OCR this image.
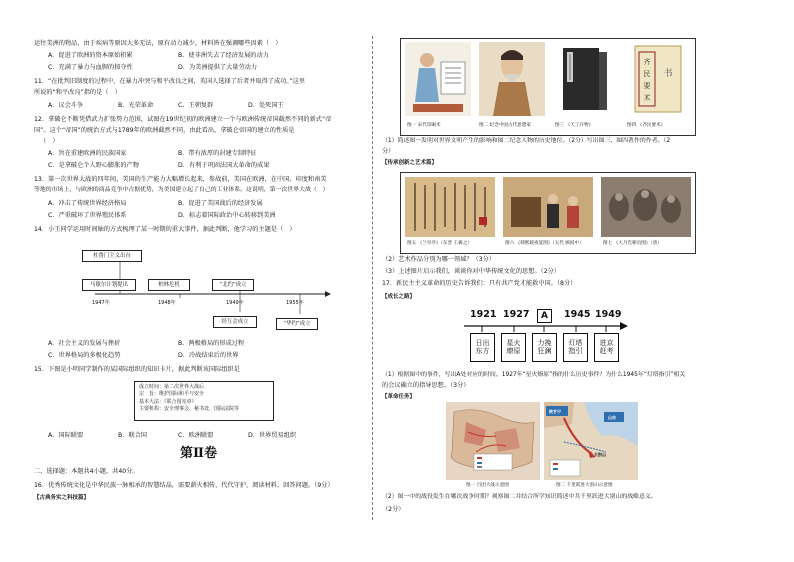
运往美洲的物品，由于疾病等原因大多无法，原有动力减少，材料皆在强调哪些因素（　）
A．促进了欧洲的资本原始积累	B．使非洲失去了经济发展的动力
C．充满了暴力与血腥的掠夺性	D．为美洲提供了大量劳动力
11．“在批判旧制度的过程中，在暴力冲突与和平改良之间，英国人选择了后者并取得了成功。”这里
所说的“和平改良”指的是（　）
A．议会斗争	B．光荣革命	C．王朝复辟	D．处死国王
12．拿破仑不断凭借武力扩张势力范围，试图在19世纪初的欧洲建立一个与欧洲传统帝国截然不同的新式“帝
国”。这个“帝国”的统治方式与1789年的欧洲截然不同，由此看出，拿破仑帝国的建立的性质是
（　）
A．旨在重建欧洲的民族国家	B．带有浓厚的封建专制特征
C．是拿破仑个人野心膨胀的产物	D．有利于巩固法国大革命的成果
13．第一次世界大战的四年间，美国的生产能力大幅增长起来，参战前，美国在欧洲，在中国、印度和南美
等地的市场上，与欧洲的商品竞争中占据优势，为美国建立起了自己的工业体系。这说明，第一次世界大战（　）
A．冲击了传统世界经济格局	B．促进了美国战后的经济发展
C．严重破坏了世界殖民体系	D．标志着国际政治中心转移到美洲
14．小王同学运用时间轴的方式梳理了某一时期的重大事件，据此判断，他学习的主题是（　）
杜鲁门主义出台
马歇尔计划提出	柏林危机	“北约”成立
1947年	1948年	1949年	1955年
经互会成立	“华约”成立
A．社会主义的发展与挫折	B．两极格局的形成过程
C．世界格局的多极化趋势	D．冷战结束后的世界
15．下图是小明同学制作的某国际组织的知识卡片，据此判断该国际组织是
成立时间：第二次世界大战后
宗　旨：维护国际和平与安全
基本大法：《联合国宪章》
主要机构：安全理事会、秘书处、国际法院等
A．国际联盟	B．联合国	C．欧洲联盟	D．世界贸易组织
第Ⅱ卷
二、选择题：本题共4小题，共40分。
16．优秀传统文化是中华民族一脉相承的智慧结晶，需要薪火相传，代代守护，阅读材料，回答问题。（9分）
【古典务实之科技篇】
齐
民
要
术
书
图一 宋代印刷术	图二 纪念中国古代思想家	图三 《天工开物》	图四 《齐民要术》
（1）简述图一发明对世界文明产生的影响和图二纪念人物的历史地位。（2分）写出图三、图四著作的作者。（2
分）
【传承创新之艺术篇】
图五 《兰亭序》（东晋 王羲之）	图六 《韩熙载夜宴图》（五代 顾闳中）	图七 《大月氏朝贡图》（唐）
（2）艺术作品分别为哪一领域？（3分）
（3）上述图片启示我们，谈谈你对中华传统文化的思想。（2分）
17．新民主主义革命的历史告诉我们：只有共产党才能救中国。（8分）
【成长之路】
1921 1927	A	1945 1949
日出
东方
星火
燎原
力挽
狂澜
灯塔
指引
进京
赶考
（1）根据图中的事件，写出A处对应的时间。1927年“星火燎原”指的什么历史事件？为什么1945年“灯塔指引”相关
的会议确立的指导思想。（3分）
【革命任务】
陕甘宁
山东
大别山
图一 百团大战示意图	图二 千里跃进大别山示意图
（2）图一中的战役发生在哪次战争时期？观察图二并结合所学知识简述中共千里跃进大别山的战略意义。
（2分）
